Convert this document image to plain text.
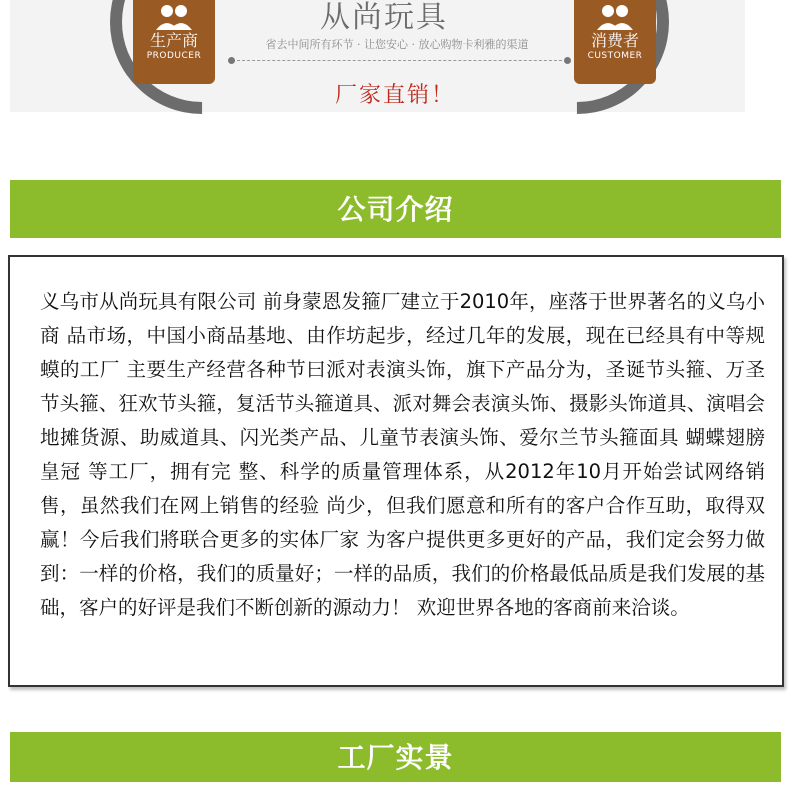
生产商
PRODUCER
从尚玩具
省去中间所有环节 · 让您安心 · 放心购物卡利雅的渠道
厂家直销！
消费者
CUSTOMER
公司介绍

义乌市从尚玩具有限公司 前身蒙恩发箍厂建立于2010年，座落于世界著名的义乌小商 品市场，中国小商品基地、由作坊起步，经过几年的发展，现在已经具有中等规蟆的工厂 主要生产经营各种节曰派对表演头饰，旗下产品分为，圣诞节头箍、万圣节头箍、狂欢节头箍，复活节头箍道具、派对舞会表演头饰、摄影头饰道具、演唱会地摊货源、助威道具、闪光类产品、儿童节表演头饰、爱尔兰节头箍面具 蝴蝶翅膀 皇冠 等工厂，拥有完 整、科学的质量管理体系，从2012年10月开始尝试网络销售，虽然我们在网上销售的经验 尚少，但我们愿意和所有的客户合作互助，取得双赢！今后我们將联合更多的实体厂家 为客户提供更多更好的产品，我们定会努力做到：一样的价格，我们的质量好；一样的品质，我们的价格最低品质是我们发展的基础，客户的好评是我们不断创新的源动力！ 欢迎世界各地的客商前来洽谈。

工厂实景
